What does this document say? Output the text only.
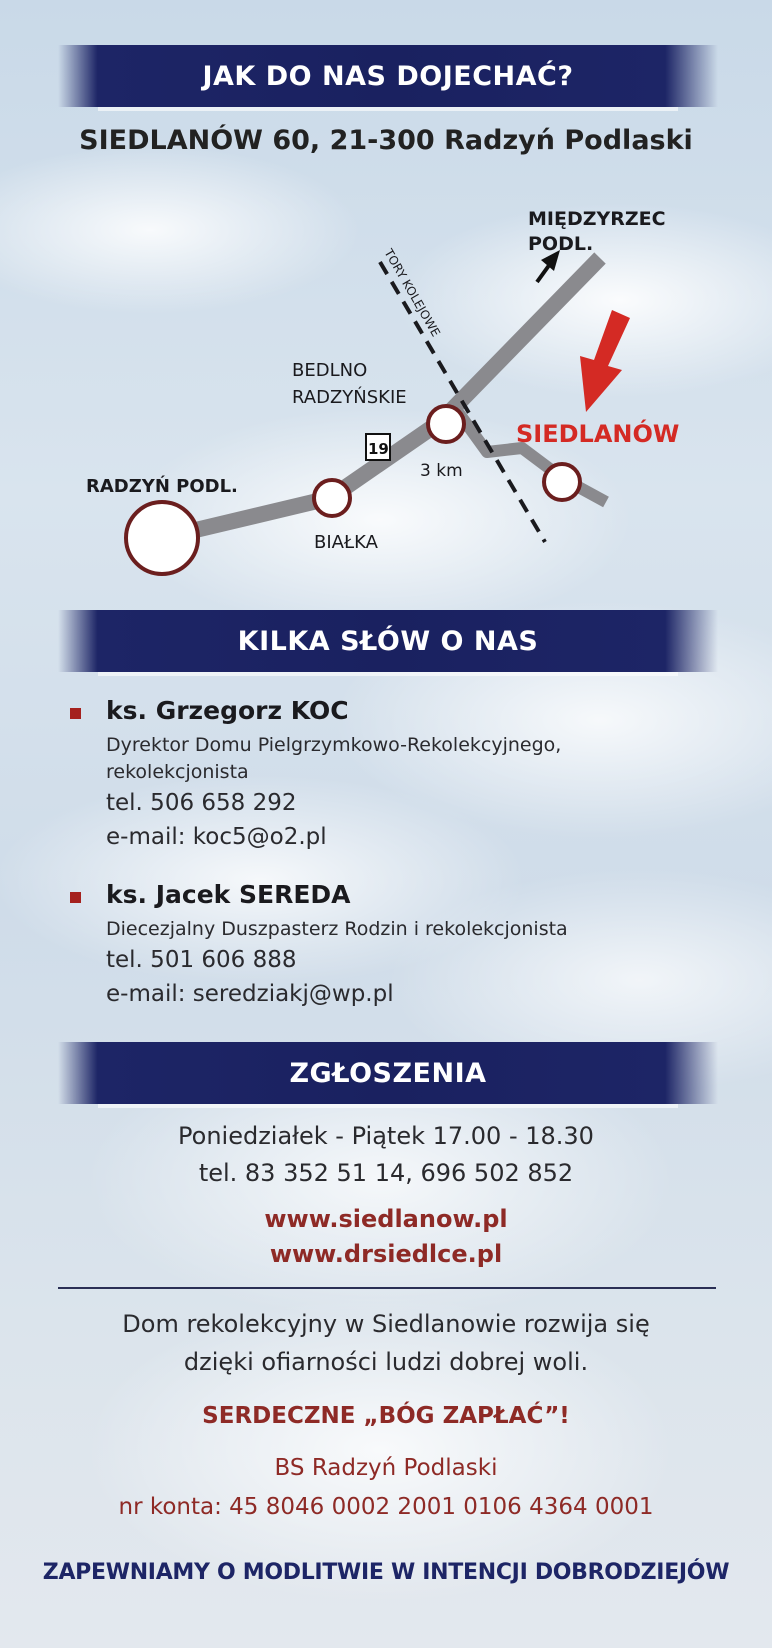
JAK DO NAS DOJECHAĆ?
SIEDLANÓW 60, 21-300 Radzyń Podlaski
TORY KOLEJOWE
MIĘDZYRZEC
PODL.
SIEDLANÓW
BEDLNO
RADZYŃSKIE
19
3 km
RADZYŃ PODL.
BIAŁKA
KILKA SŁÓW O NAS
ks. Grzegorz KOC
Dyrektor Domu Pielgrzymkowo-Rekolekcyjnego,
rekolekcjonista
tel. 506 658 292
e-mail: koc5@o2.pl
ks. Jacek SEREDA
Diecezjalny Duszpasterz Rodzin i rekolekcjonista
tel. 501 606 888
e-mail: seredziakj@wp.pl
ZGŁOSZENIA
Poniedziałek - Piątek 17.00 - 18.30
tel. 83 352 51 14, 696 502 852
www.siedlanow.pl
www.drsiedlce.pl
Dom rekolekcyjny w Siedlanowie rozwija się
dzięki ofiarności ludzi dobrej woli.
SERDECZNE „BÓG ZAPŁAĆ”!
BS Radzyń Podlaski
nr konta: 45 8046 0002 2001 0106 4364 0001
ZAPEWNIAMY O MODLITWIE W INTENCJI DOBRODZIEJÓW
